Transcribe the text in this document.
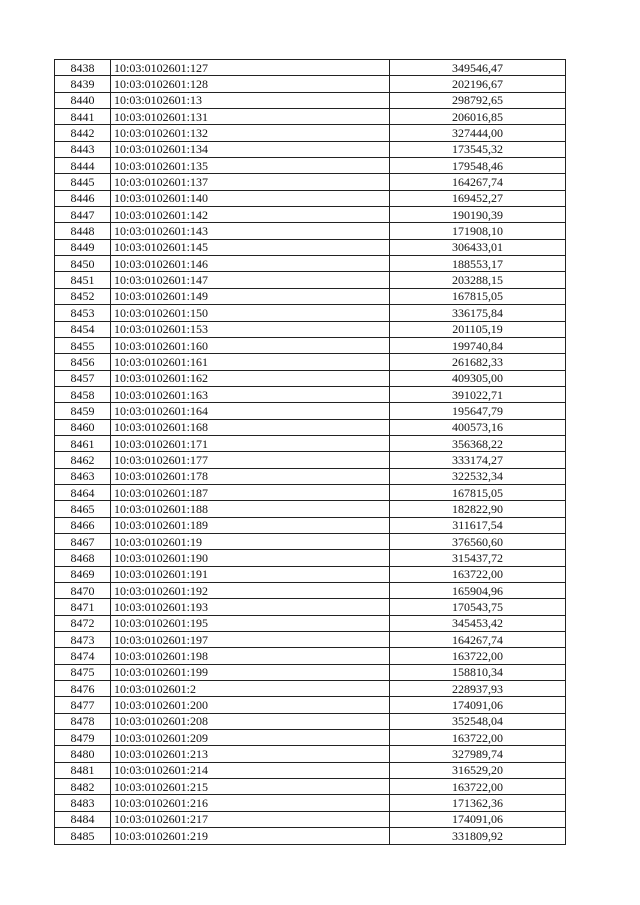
8438	10:03:0102601:127	349546,47
8439	10:03:0102601:128	202196,67
8440	10:03:0102601:13	298792,65
8441	10:03:0102601:131	206016,85
8442	10:03:0102601:132	327444,00
8443	10:03:0102601:134	173545,32
8444	10:03:0102601:135	179548,46
8445	10:03:0102601:137	164267,74
8446	10:03:0102601:140	169452,27
8447	10:03:0102601:142	190190,39
8448	10:03:0102601:143	171908,10
8449	10:03:0102601:145	306433,01
8450	10:03:0102601:146	188553,17
8451	10:03:0102601:147	203288,15
8452	10:03:0102601:149	167815,05
8453	10:03:0102601:150	336175,84
8454	10:03:0102601:153	201105,19
8455	10:03:0102601:160	199740,84
8456	10:03:0102601:161	261682,33
8457	10:03:0102601:162	409305,00
8458	10:03:0102601:163	391022,71
8459	10:03:0102601:164	195647,79
8460	10:03:0102601:168	400573,16
8461	10:03:0102601:171	356368,22
8462	10:03:0102601:177	333174,27
8463	10:03:0102601:178	322532,34
8464	10:03:0102601:187	167815,05
8465	10:03:0102601:188	182822,90
8466	10:03:0102601:189	311617,54
8467	10:03:0102601:19	376560,60
8468	10:03:0102601:190	315437,72
8469	10:03:0102601:191	163722,00
8470	10:03:0102601:192	165904,96
8471	10:03:0102601:193	170543,75
8472	10:03:0102601:195	345453,42
8473	10:03:0102601:197	164267,74
8474	10:03:0102601:198	163722,00
8475	10:03:0102601:199	158810,34
8476	10:03:0102601:2	228937,93
8477	10:03:0102601:200	174091,06
8478	10:03:0102601:208	352548,04
8479	10:03:0102601:209	163722,00
8480	10:03:0102601:213	327989,74
8481	10:03:0102601:214	316529,20
8482	10:03:0102601:215	163722,00
8483	10:03:0102601:216	171362,36
8484	10:03:0102601:217	174091,06
8485	10:03:0102601:219	331809,92
